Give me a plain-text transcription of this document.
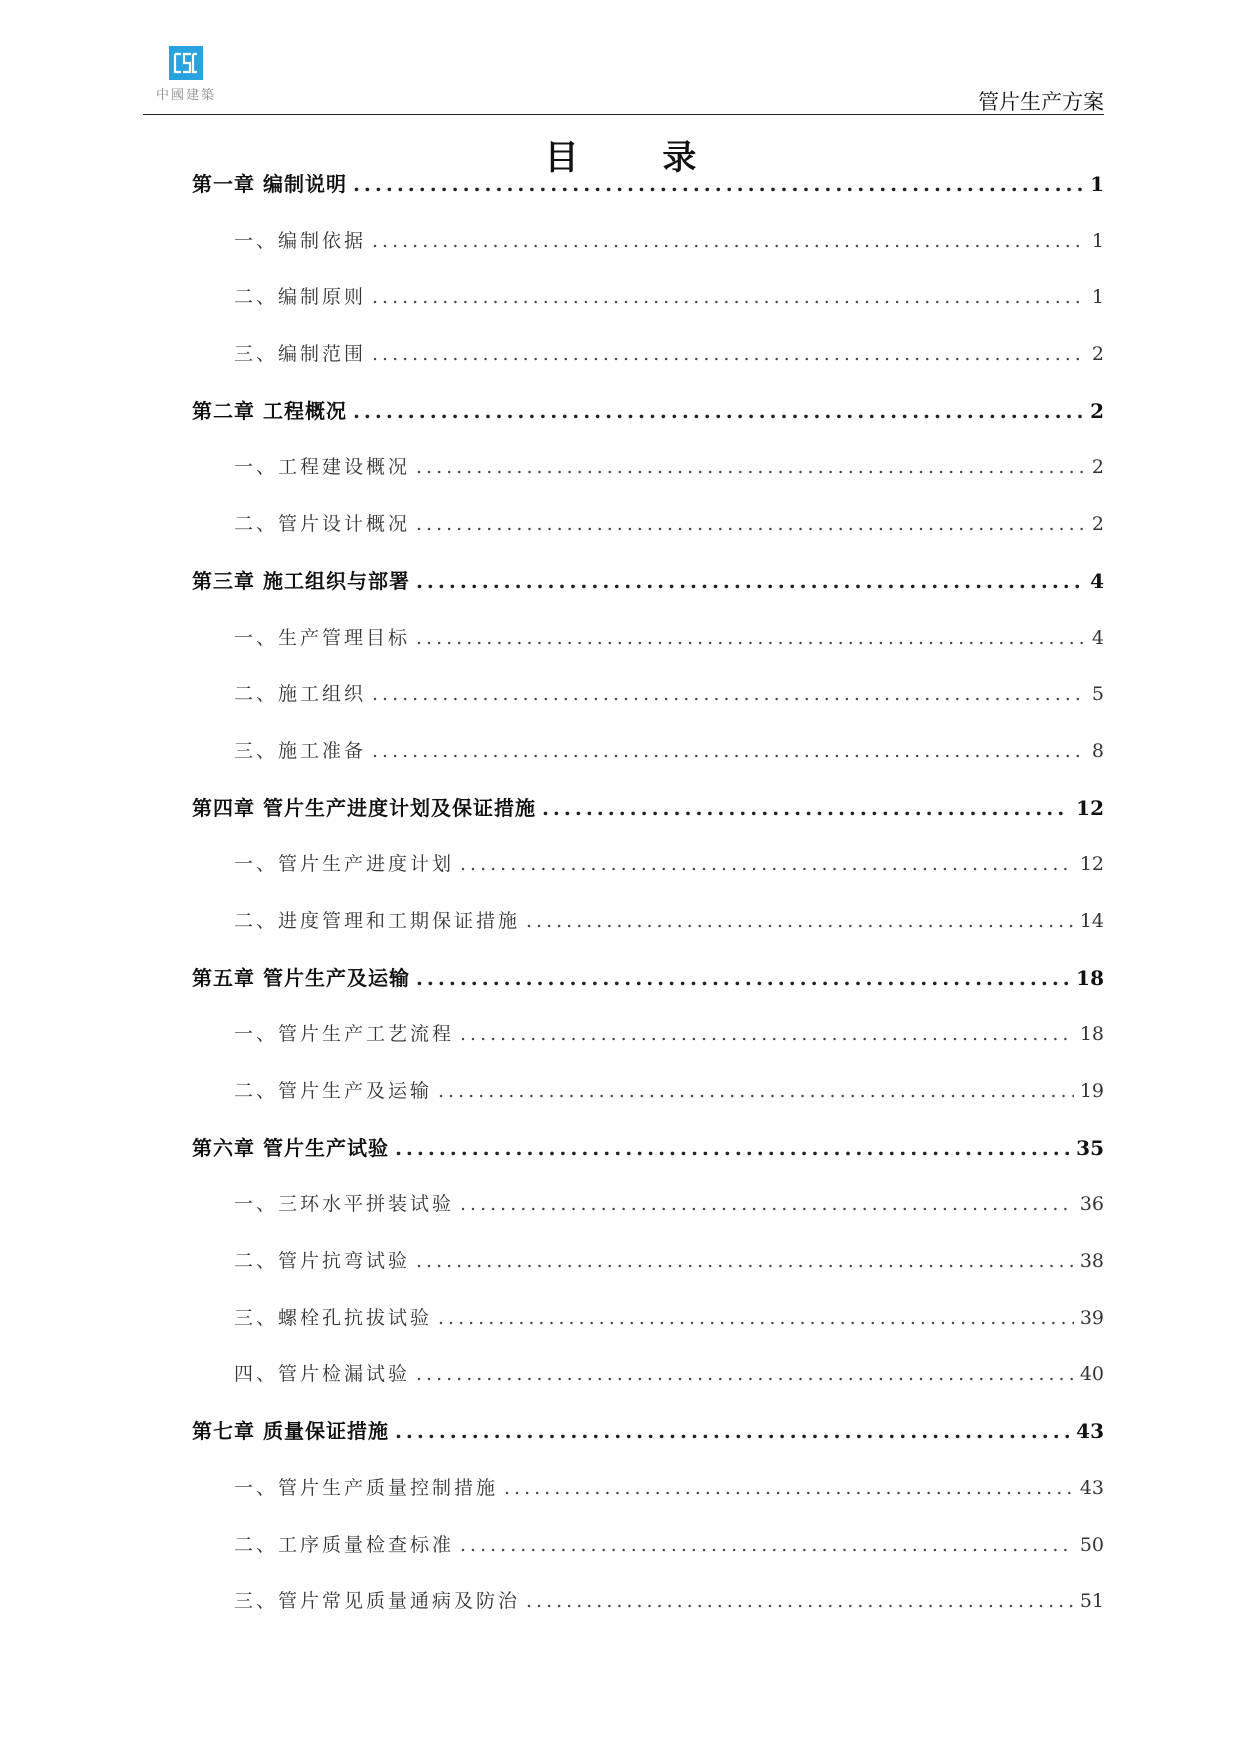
中國建築	管片生产方案
目 录
第一章 编制说明 .....	1
一、编制依据 .....	1
二、编制原则 .....	1
三、编制范围 .....	2
第二章 工程概况 .....	2
一、工程建设概况 .....	2
二、管片设计概况 .....	2
第三章 施工组织与部署 .....	4
一、生产管理目标 .....	4
二、施工组织 .....	5
三、施工准备 .....	8
第四章 管片生产进度计划及保证措施 .....	12
一、管片生产进度计划 .....	12
二、进度管理和工期保证措施 .....	14
第五章 管片生产及运输 .....	18
一、管片生产工艺流程 .....	18
二、管片生产及运输 .....	19
第六章 管片生产试验 .....	35
一、三环水平拼装试验 .....	36
二、管片抗弯试验 .....	38
三、螺栓孔抗拔试验 .....	39
四、管片检漏试验 .....	40
第七章 质量保证措施 .....	43
一、管片生产质量控制措施 .....	43
二、工序质量检查标准 .....	50
三、管片常见质量通病及防治 .....	51
